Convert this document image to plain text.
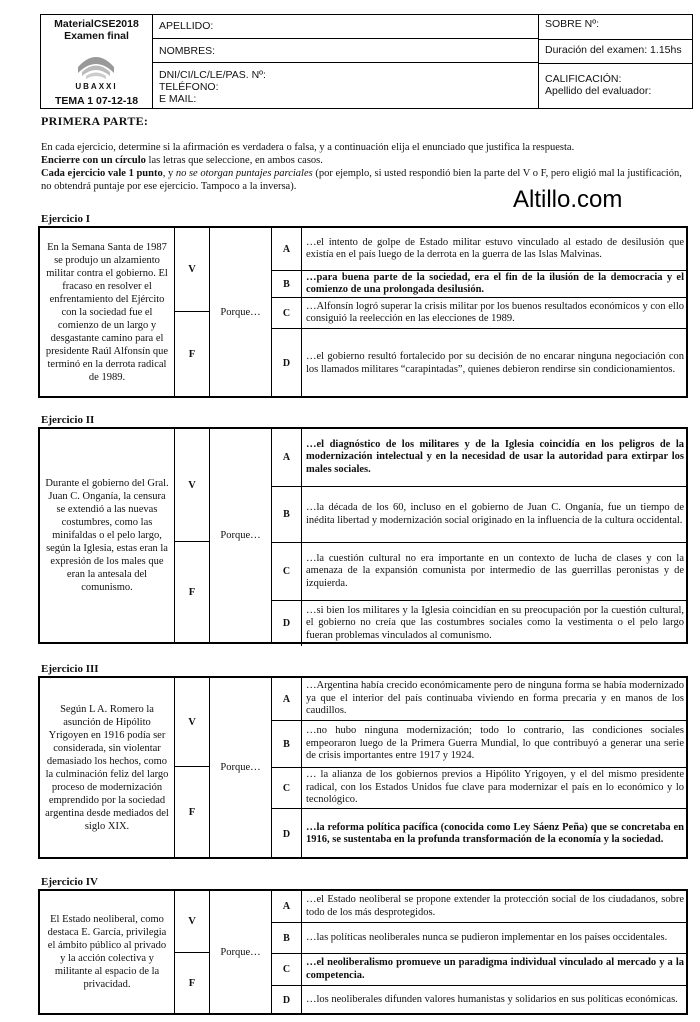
MaterialCSE2018
Examen final
UBAXXI
TEMA 1 07-12-18
APELLIDO:
NOMBRES:
DNI/CI/LC/LE/PAS. Nº:
TELÉFONO:
E MAIL:
SOBRE Nº:
Duración del examen: 1.15hs
CALIFICACIÓN:
Apellido del evaluador:
PRIMERA PARTE:
En cada ejercicio, determine si la afirmación es verdadera o falsa, y a continuación elija el enunciado que justifica la respuesta.
Encierre con un círculo las letras que seleccione, en ambos casos.
Cada ejercicio vale 1 punto, y no se otorgan puntajes parciales (por ejemplo, si usted respondió bien la parte del V o F, pero eligió mal la justificación, no obtendrá puntaje por ese ejercicio. Tampoco a la inversa).	Altillo.com
Ejercicio I
En la Semana Santa de 1987 se produjo un alzamiento militar contra el gobierno. El fracaso en resolver el enfrentamiento del Ejército con la sociedad fue el comienzo de un largo y desgastante camino para el presidente Raúl Alfonsín que terminó en la derrota radical de 1989.
V
F
Porque…
A
…el intento de golpe de Estado militar estuvo vinculado al estado de desilusión que existía en el país luego de la derrota en la guerra de las Islas Malvinas.
B
…para buena parte de la sociedad, era el fin de la ilusión de la democracia y el comienzo de una prolongada desilusión.
C
…Alfonsín logró superar la crisis militar por los buenos resultados económicos y con ello consiguió la reelección en las elecciones de 1989.
D
…el gobierno resultó fortalecido por su decisión de no encarar ninguna negociación con los llamados militares “carapintadas”, quienes debieron rendirse sin condicionamientos.
Ejercicio II
Durante el gobierno del Gral. Juan C. Onganía, la censura se extendió a las nuevas costumbres, como las minifaldas o el pelo largo, según la Iglesia, estas eran la expresión de los males que eran la antesala del comunismo.
V
F
Porque…
A
…el diagnóstico de los militares y de la Iglesia coincidía en los peligros de la modernización intelectual y en la necesidad de usar la autoridad para extirpar los males sociales.
B
…la década de los 60, incluso en el gobierno de Juan C. Onganía, fue un tiempo de inédita libertad y modernización social originado en la influencia de la cultura occidental.
C
…la cuestión cultural no era importante en un contexto de lucha de clases y con la amenaza de la expansión comunista por intermedio de las guerrillas peronistas y de izquierda.
D
…si bien los militares y la Iglesia coincidían en su preocupación por la cuestión cultural, el gobierno no creía que las costumbres sociales como la vestimenta o el pelo largo fueran problemas vinculados al comunismo.
Ejercicio III
Según L A. Romero la asunción de Hipólito Yrigoyen en 1916 podía ser considerada, sin violentar demasiado los hechos, como la culminación feliz del largo proceso de modernización emprendido por la sociedad argentina desde mediados del siglo XIX.
V
F
Porque…
A
…Argentina había crecido económicamente pero de ninguna forma se había modernizado ya que el interior del país continuaba viviendo en forma precaria y en manos de los caudillos.
B
…no hubo ninguna modernización; todo lo contrario, las condiciones sociales empeoraron luego de la Primera Guerra Mundial, lo que contribuyó a generar una serie de crisis importantes entre 1917 y 1924.
C
… la alianza de los gobiernos previos a Hipólito Yrigoyen, y el del mismo presidente radical, con los Estados Unidos fue clave para modernizar el país en lo económico y lo tecnológico.
D
…la reforma política pacífica (conocida como Ley Sáenz Peña) que se concretaba en 1916, se sustentaba en la profunda transformación de la economía y la sociedad.
Ejercicio IV
El Estado neoliberal, como destaca E. García, privilegia el ámbito público al privado y la acción colectiva y militante al espacio de la privacidad.
V
F
Porque…
A
…el Estado neoliberal se propone extender la protección social de los ciudadanos, sobre todo de los más desprotegidos.
B	…las políticas neoliberales nunca se pudieron implementar en los países occidentales.
C
…el neoliberalismo promueve un paradigma individual vinculado al mercado y a la competencia.
D	…los neoliberales difunden valores humanistas y solidarios en sus políticas económicas.
